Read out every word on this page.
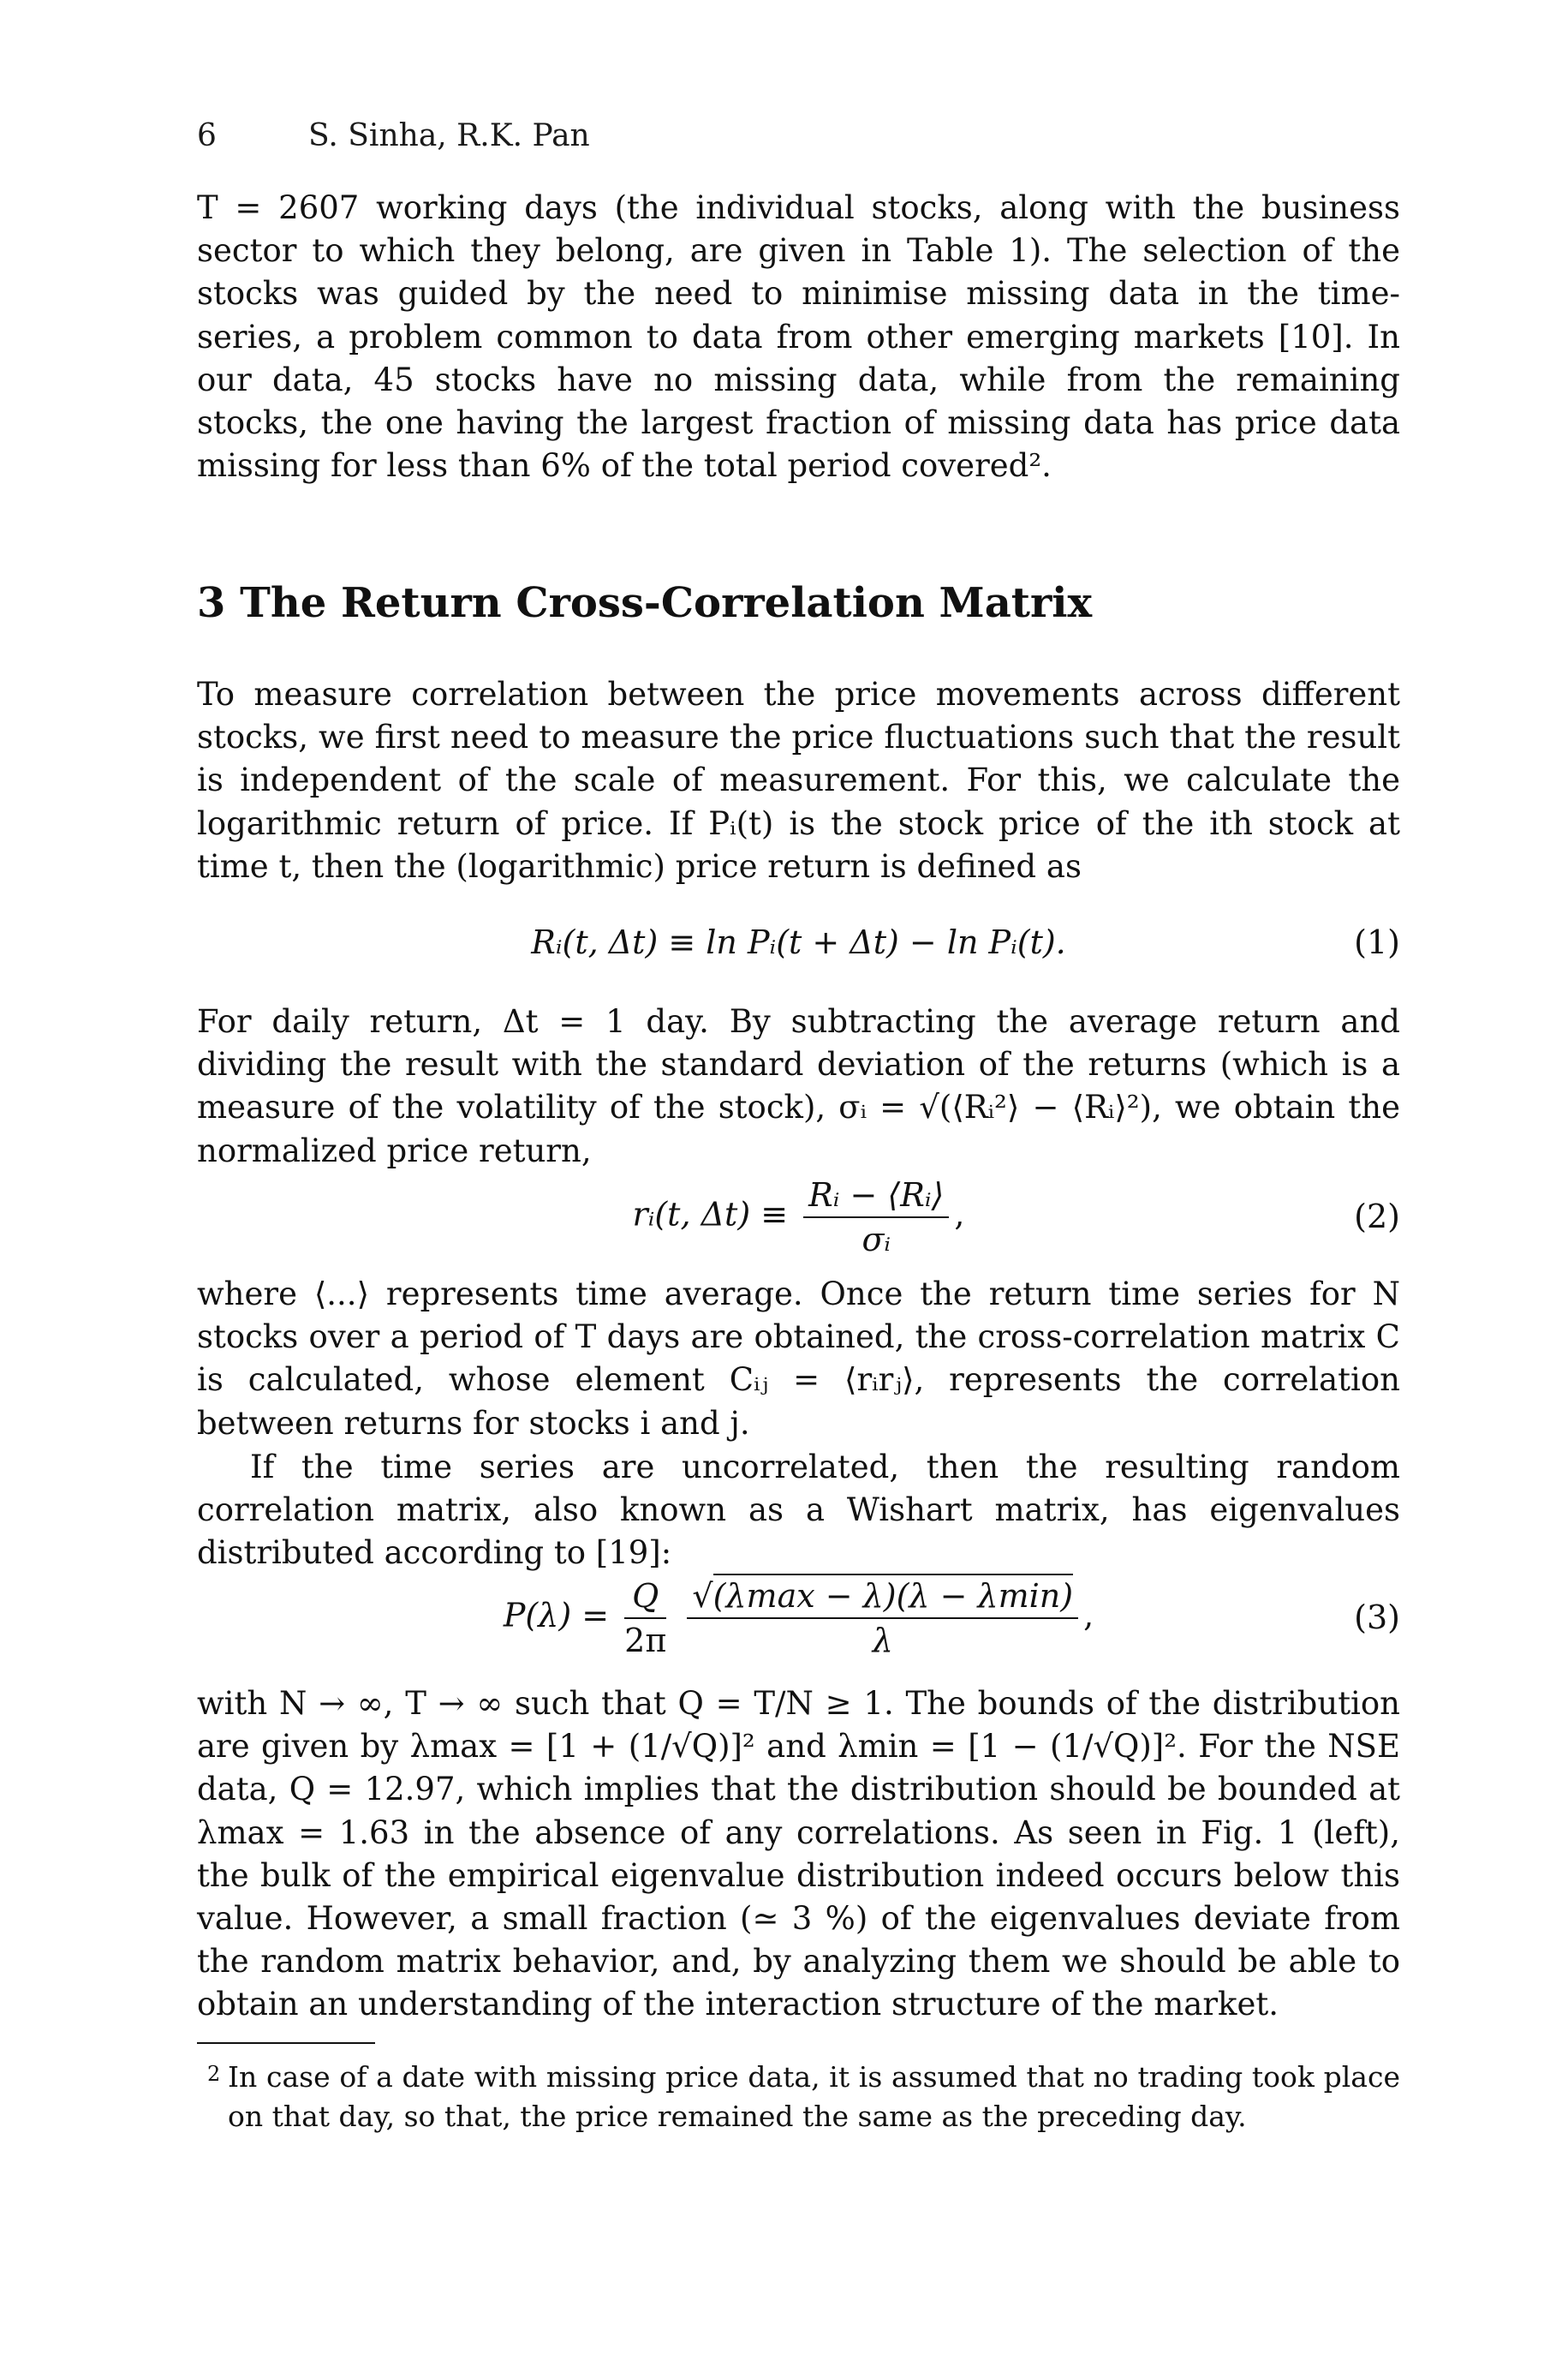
6	S. Sinha, R.K. Pan

T = 2607 working days (the individual stocks, along with the business sector to which they belong, are given in Table 1). The selection of the stocks was guided by the need to minimise missing data in the time-series, a problem common to data from other emerging markets [10]. In our data, 45 stocks have no missing data, while from the remaining stocks, the one having the largest fraction of missing data has price data missing for less than 6% of the total period covered².

3 The Return Cross-Correlation Matrix

To measure correlation between the price movements across different stocks, we first need to measure the price fluctuations such that the result is independent of the scale of measurement. For this, we calculate the logarithmic return of price. If Pᵢ(t) is the stock price of the ith stock at time t, then the (logarithmic) price return is defined as

Rᵢ(t, Δt) ≡ ln Pᵢ(t + Δt) − ln Pᵢ(t).	(1)

For daily return, Δt = 1 day. By subtracting the average return and dividing the result with the standard deviation of the returns (which is a measure of the volatility of the stock), σᵢ = √(⟨Rᵢ²⟩ − ⟨Rᵢ⟩²), we obtain the normalized price return,

rᵢ(t, $\Delta t) \equiv \frac{\text{Rᵢ − ⟨Rᵢ⟩}}{\text{σᵢ}}$ ,	(2)

where ⟨...⟩ represents time average. Once the return time series for N stocks over a period of T days are obtained, the cross-correlation matrix C is calculated, whose element Cᵢⱼ = ⟨rᵢrⱼ⟩, represents the correlation between returns for stocks i and j.

If the time series are uncorrelated, then the resulting random correlation matrix, also known as a Wishart matrix, has eigenvalues distributed according to [19]:

$P(\lambda) = \frac{Q}{2\pi}$
$\frac{√(\lambda\max - \lambda)(\lambda - \lambda\min)}{\lambda}$ ,	(3)

with N → ∞, T → ∞ such that Q = T/N ≥ 1. The bounds of the distribution are given by λmax = [1 + (1/√Q)]² and λmin = [1 − (1/√Q)]². For the NSE data, Q = 12.97, which implies that the distribution should be bounded at λmax = 1.63 in the absence of any correlations. As seen in Fig. 1 (left), the bulk of the empirical eigenvalue distribution indeed occurs below this value. However, a small fraction (≃ 3 %) of the eigenvalues deviate from the random matrix behavior, and, by analyzing them we should be able to obtain an understanding of the interaction structure of the market.

2 In case of a date with missing price data, it is assumed that no trading took place on that day, so that, the price remained the same as the preceding day.
